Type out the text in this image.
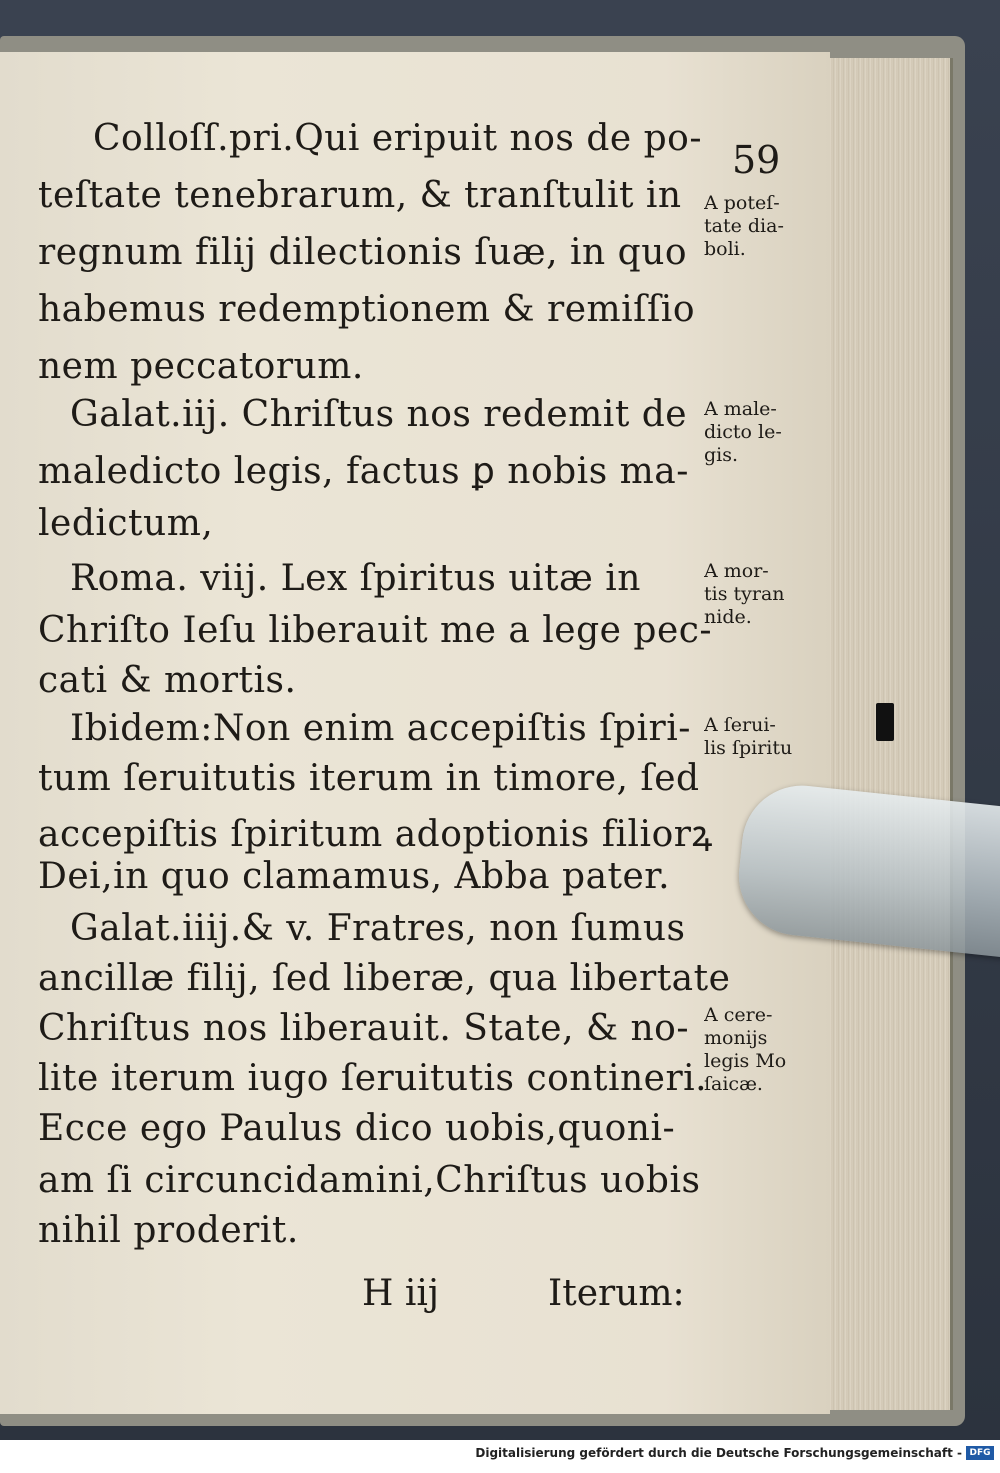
59
Colloſſ.pri.Qui eripuit nos de po-
teſtate tenebrarum, & tranſtulit in
regnum filij dilectionis ſuæ, in quo
habemus redemptionem & remiſſio
nem peccatorum.
Galat.iij. Chriſtus nos redemit de
maledicto legis, factus ꝑ nobis ma-
ledictum,
Roma. viij. Lex ſpiritus uitæ in
Chriſto Ieſu liberauit me a lege pec-
cati & mortis.
Ibidem:Non enim accepiſtis ſpiri-
tum ſeruitutis iterum in timore, ſed
accepiſtis ſpiritum adoptionis filiorꝝ
Dei,in quo clamamus, Abba pater.
Galat.iiij.& v. Fratres, non ſumus
ancillæ filij, ſed liberæ, qua libertate
Chriſtus nos liberauit. State, & no-
lite iterum iugo ſeruitutis contineri.
Ecce ego Paulus dico uobis,quoni-
am ſi circuncidamini,Chriſtus uobis
nihil proderit.
A poteſ-
tate dia-
boli.
A male-
dicto le-
gis.
A mor-
tis tyran
nide.
A ſerui-
lis ſpiritu
A cere-
monijs
legis Mo
ſaicæ.
H iij	Iterum:
Digitalisierung gefördert durch die Deutsche Forschungsgemeinschaft - DFG
